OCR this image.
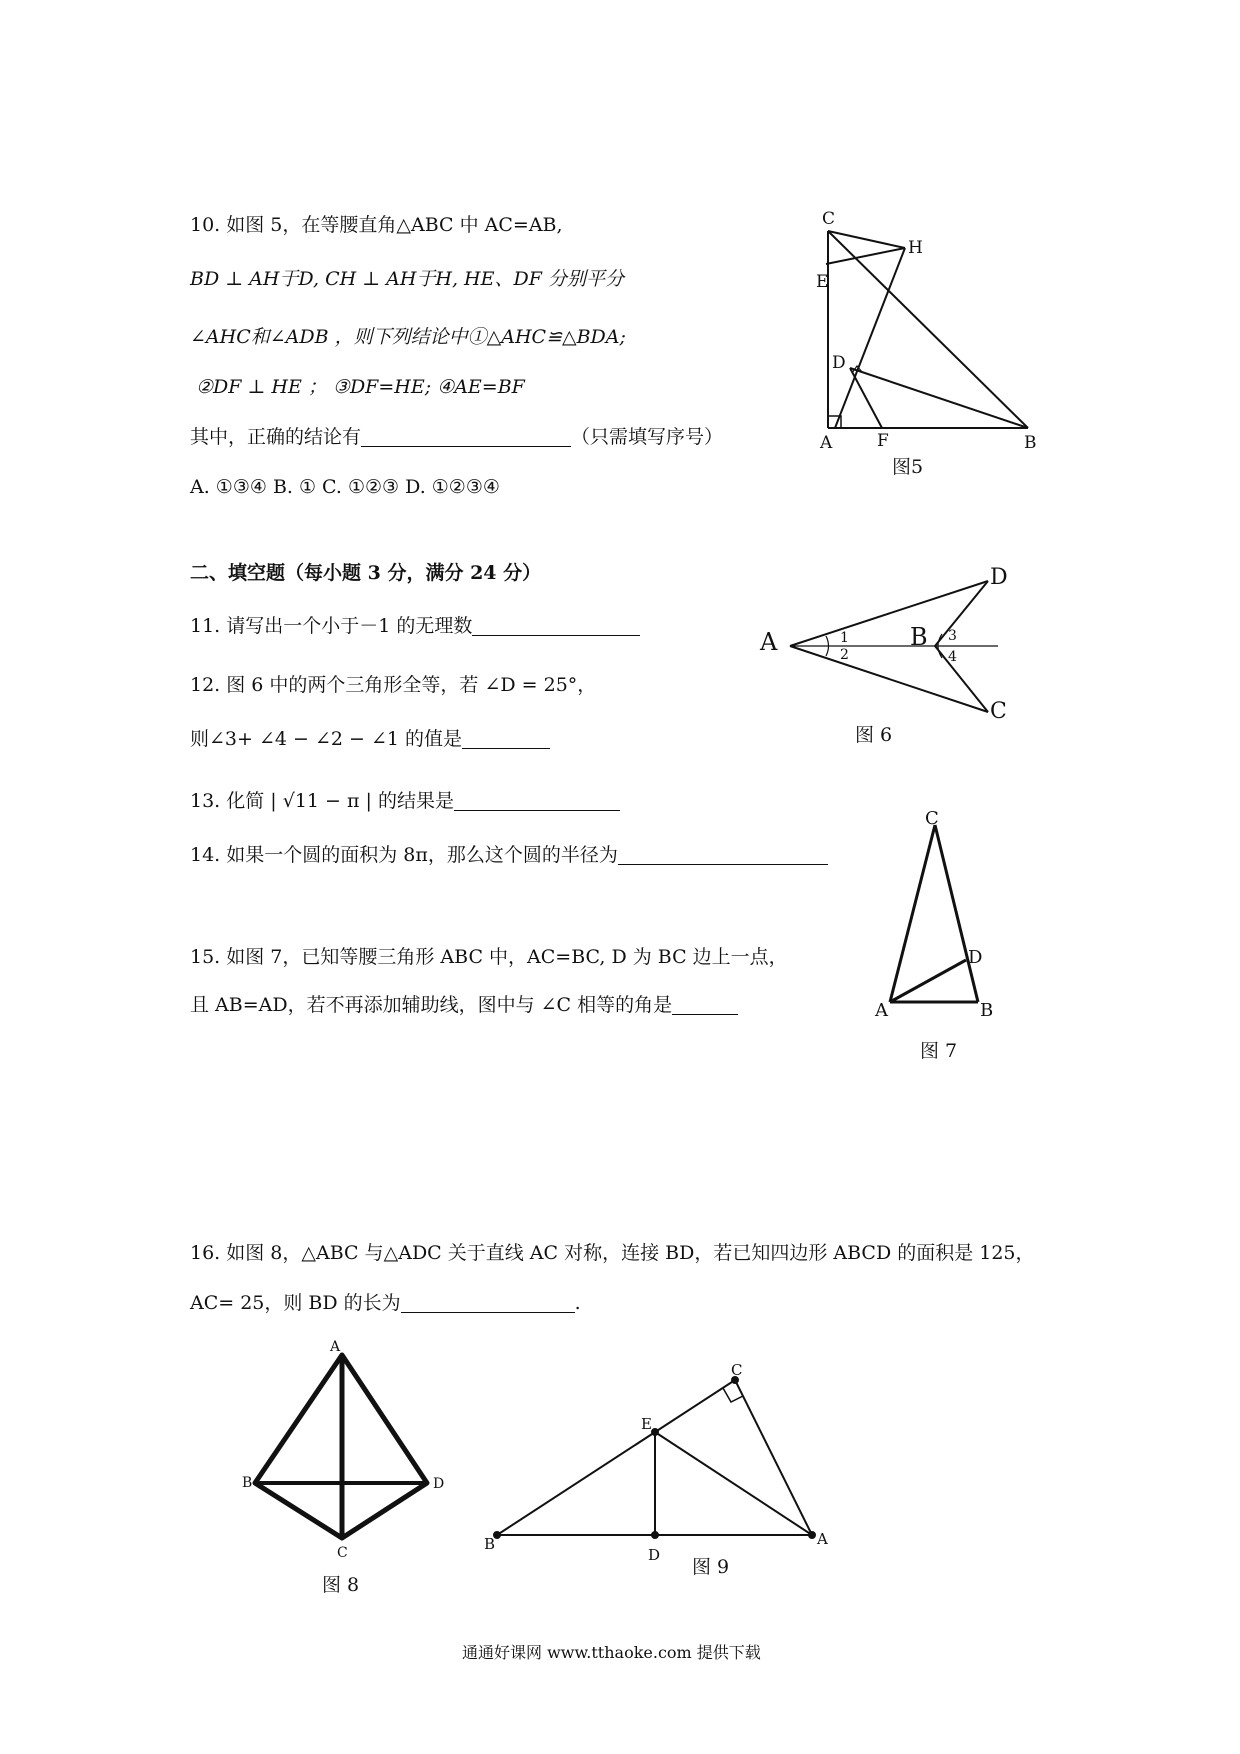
10. 如图 5，在等腰直角△ABC 中 AC=AB,
BD ⊥ AH于D, CH ⊥ AH于H, HE、DF 分别平分
∠AHC和∠ADB ，则下列结论中①△AHC≌△BDA;
②DF ⊥ HE ； ③DF=HE; ④AE=BF
其中，正确的结论有	（只需填写序号）
A. ①③④ B. ① C. ①②③ D. ①②③④
二、填空题（每小题 3 分，满分 24 分）
11. 请写出一个小于－1 的无理数
12. 图 6 中的两个三角形全等，若 ∠D = 25°，
则∠3+ ∠4 − ∠2 − ∠1 的值是
13. 化简 | √11 − π | 的结果是
14. 如果一个圆的面积为 8π，那么这个圆的半径为
15. 如图 7，已知等腰三角形 ABC 中，AC=BC, D 为 BC 边上一点，
且 AB=AD，若不再添加辅助线，图中与 ∠C 相等的角是
16. 如图 8，△ABC 与△ADC 关于直线 AC 对称，连接 BD，若已知四边形 ABCD 的面积是 125，
AC= 25，则 BD 的长为	.
C
H
E
D
A	F	B
A	B
D
C
1
2
3
4
C
D
A	B
A
B
C
D
C
E
B
D
A
图5
图 6
图 7
图 8
图 9
通通好课网 www.tthaoke.com 提供下载
